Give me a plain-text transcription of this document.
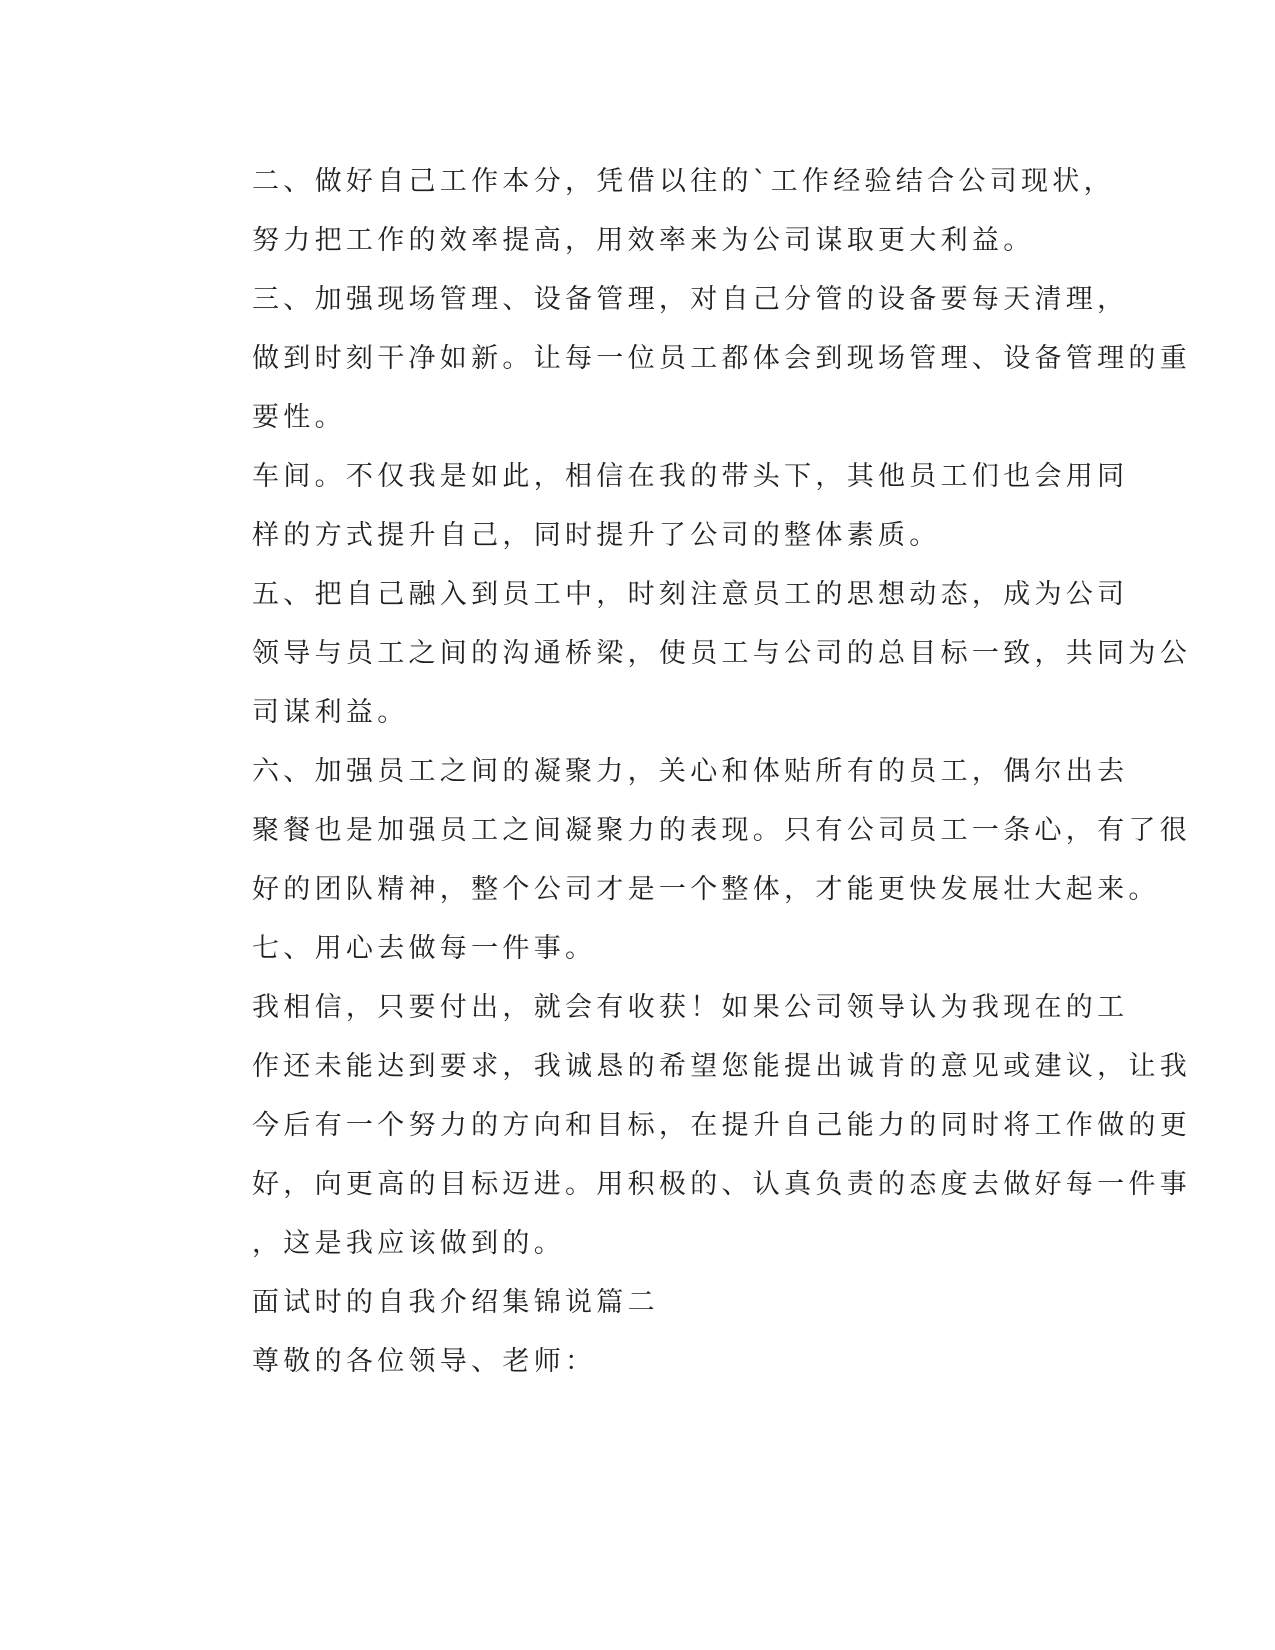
二、做好自己工作本分，凭借以往的`工作经验结合公司现状，
努力把工作的效率提高，用效率来为公司谋取更大利益。

三、加强现场管理、设备管理，对自己分管的设备要每天清理，
做到时刻干净如新。让每一位员工都体会到现场管理、设备管理的重
要性。

车间。不仅我是如此，相信在我的带头下，其他员工们也会用同
样的方式提升自己，同时提升了公司的整体素质。

五、把自己融入到员工中，时刻注意员工的思想动态，成为公司
领导与员工之间的沟通桥梁，使员工与公司的总目标一致，共同为公
司谋利益。

六、加强员工之间的凝聚力，关心和体贴所有的员工，偶尔出去
聚餐也是加强员工之间凝聚力的表现。只有公司员工一条心，有了很
好的团队精神，整个公司才是一个整体，才能更快发展壮大起来。

七、用心去做每一件事。

我相信，只要付出，就会有收获！如果公司领导认为我现在的工
作还未能达到要求，我诚恳的希望您能提出诚肯的意见或建议，让我
今后有一个努力的方向和目标，在提升自己能力的同时将工作做的更
好，向更高的目标迈进。用积极的、认真负责的态度去做好每一件事
，这是我应该做到的。

面试时的自我介绍集锦说篇二

尊敬的各位领导、老师：
